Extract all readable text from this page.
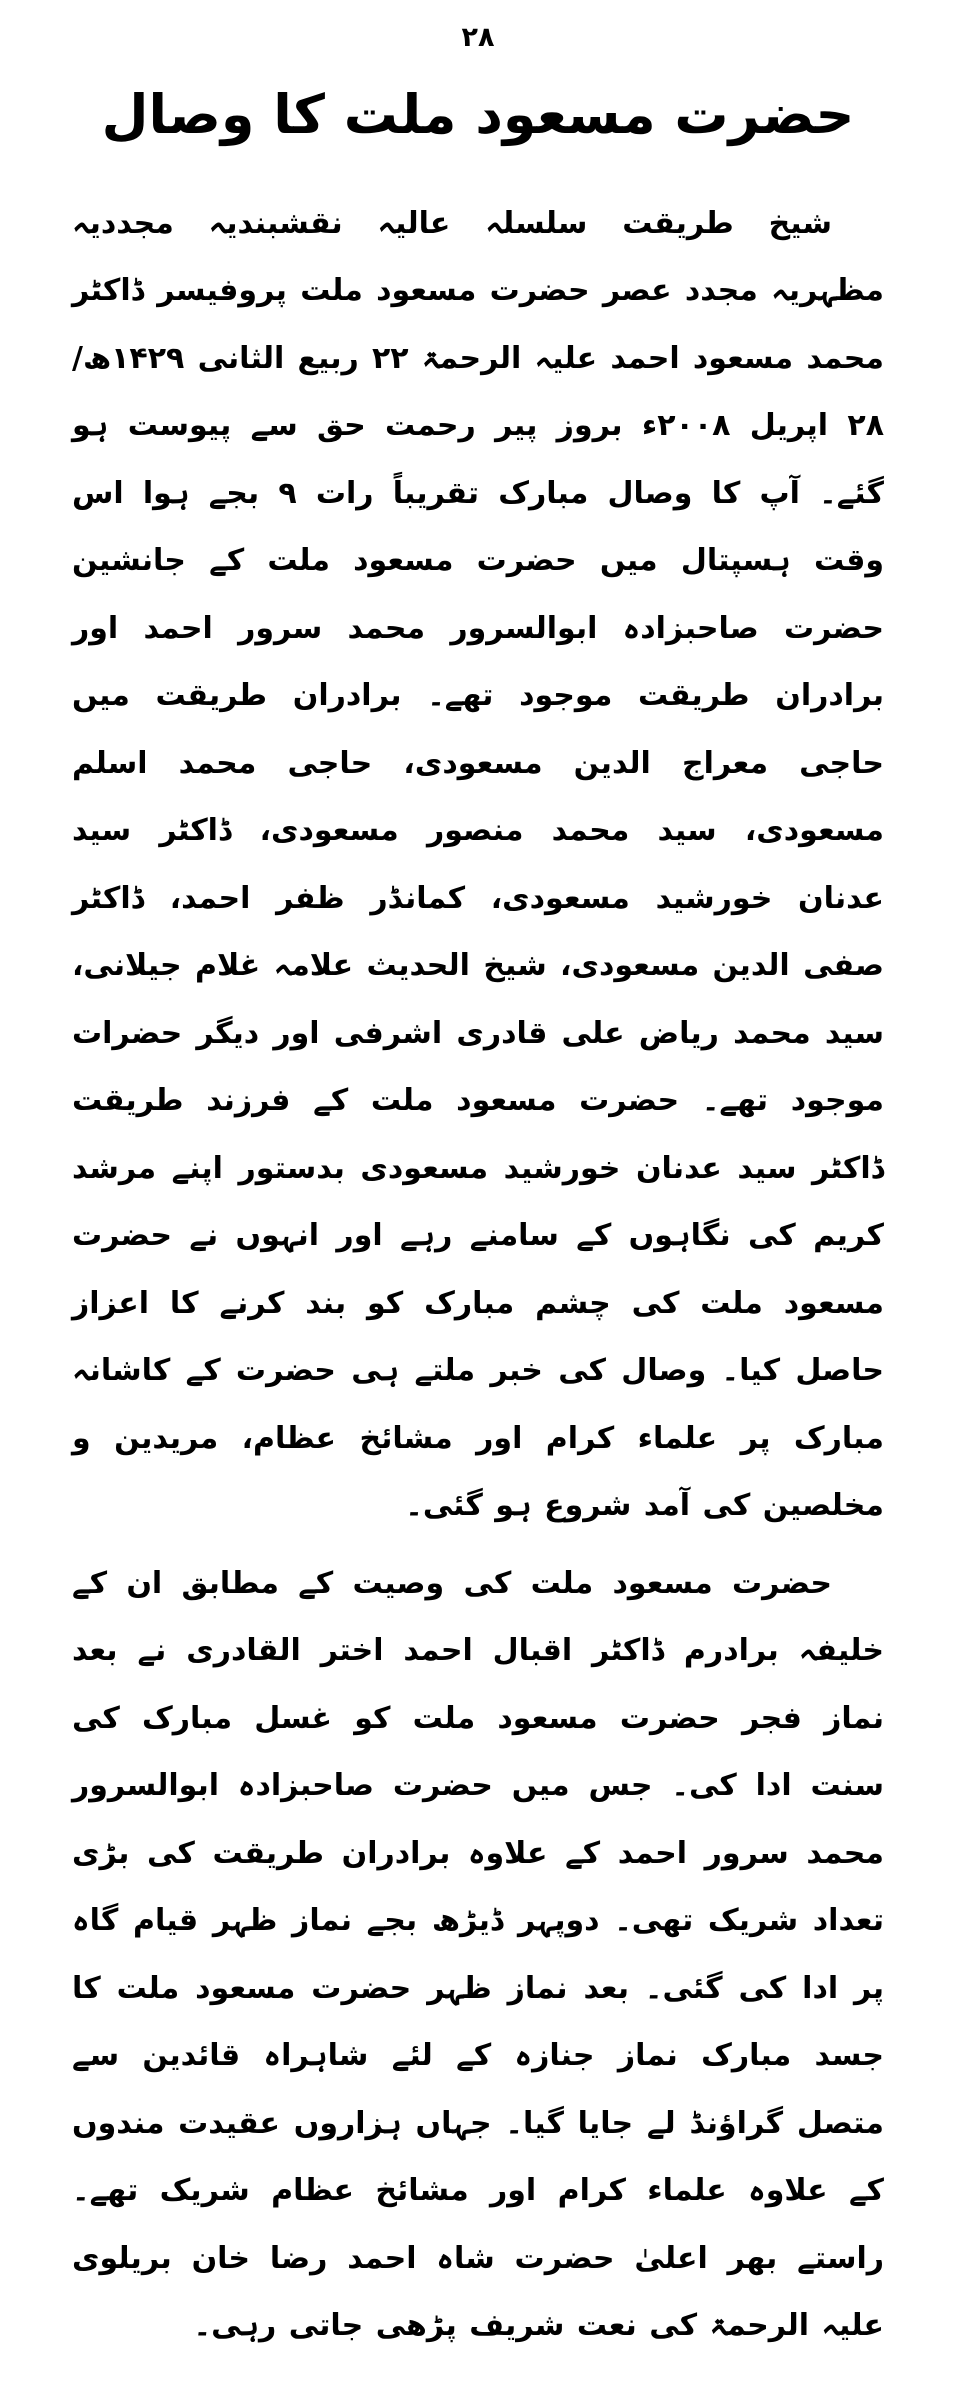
۲۸
حضرت مسعود ملت کا وصال

شیخ طریقت سلسلہ عالیہ نقشبندیہ مجددیہ مظہریہ مجدد عصر حضرت مسعود ملت پروفیسر ڈاکٹر محمد مسعود احمد علیہ الرحمۃ ۲۲ ربیع الثانی ۱۴۲۹ھ/ ۲۸ اپریل ۲۰۰۸ء بروز پیر رحمت حق سے پیوست ہو گئے۔ آپ کا وصال مبارک تقریباً رات ۹ بجے ہوا اس وقت ہسپتال میں حضرت مسعود ملت کے جانشین حضرت صاحبزادہ ابوالسرور محمد سرور احمد اور برادران طریقت موجود تھے۔ برادران طریقت میں حاجی معراج الدین مسعودی، حاجی محمد اسلم مسعودی، سید محمد منصور مسعودی، ڈاکٹر سید عدنان خورشید مسعودی، کمانڈر ظفر احمد، ڈاکٹر صفی الدین مسعودی، شیخ الحدیث علامہ غلام جیلانی، سید محمد ریاض علی قادری اشرفی اور دیگر حضرات موجود تھے۔ حضرت مسعود ملت کے فرزند طریقت ڈاکٹر سید عدنان خورشید مسعودی بدستور اپنے مرشد کریم کی نگاہوں کے سامنے رہے اور انہوں نے حضرت مسعود ملت کی چشم مبارک کو بند کرنے کا اعزاز حاصل کیا۔ وصال کی خبر ملتے ہی حضرت کے کاشانہ مبارک پر علماء کرام اور مشائخ عظام، مریدین و مخلصین کی آمد شروع ہو گئی۔

حضرت مسعود ملت کی وصیت کے مطابق ان کے خلیفہ برادرم ڈاکٹر اقبال احمد اختر القادری نے بعد نماز فجر حضرت مسعود ملت کو غسل مبارک کی سنت ادا کی۔ جس میں حضرت صاحبزادہ ابوالسرور محمد سرور احمد کے علاوہ برادران طریقت کی بڑی تعداد شریک تھی۔ دوپہر ڈیڑھ بجے نماز ظہر قیام گاہ پر ادا کی گئی۔ بعد نماز ظہر حضرت مسعود ملت کا جسد مبارک نماز جنازہ کے لئے شاہراہ قائدین سے متصل گراؤنڈ لے جایا گیا۔ جہاں ہزاروں عقیدت مندوں کے علاوہ علماء کرام اور مشائخ عظام شریک تھے۔ راستے بھر اعلیٰ حضرت شاہ احمد رضا خان بریلوی علیہ الرحمۃ کی نعت شریف پڑھی جاتی رہی۔
